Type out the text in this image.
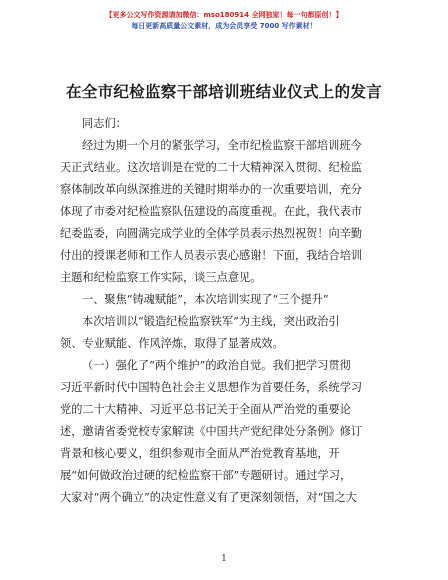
【更多公文写作资源请加微信：mso180914 全网独家！每一句都原创！】
每日更新高质量公文素材，成为会员享受 7000 写作素材！
在全市纪检监察干部培训班结业仪式上的发言

同志们：

经过为期一个月的紧张学习，全市纪检监察干部培训班今

天正式结业。这次培训是在党的二十大精神深入贯彻、纪检监

察体制改革向纵深推进的关键时期举办的一次重要培训，充分

体现了市委对纪检监察队伍建设的高度重视。在此，我代表市

纪委监委，向圆满完成学业的全体学员表示热烈祝贺！向辛勤

付出的授课老师和工作人员表示衷心感谢！下面，我结合培训

主题和纪检监察工作实际，谈三点意见。

一、聚焦“铸魂赋能”，本次培训实现了“三个提升”

本次培训以“锻造纪检监察铁军”为主线，突出政治引

领、专业赋能、作风淬炼，取得了显著成效。

（一）强化了“两个维护”的政治自觉。我们把学习贯彻

习近平新时代中国特色社会主义思想作为首要任务，系统学习

党的二十大精神、习近平总书记关于全面从严治党的重要论

述，邀请省委党校专家解读《中国共产党纪律处分条例》修订

背景和核心要义，组织参观市全面从严治党教育基地，开

展“如何做政治过硬的纪检监察干部”专题研讨。通过学习，

大家对“两个确立”的决定性意义有了更深刻领悟，对“国之大

1
